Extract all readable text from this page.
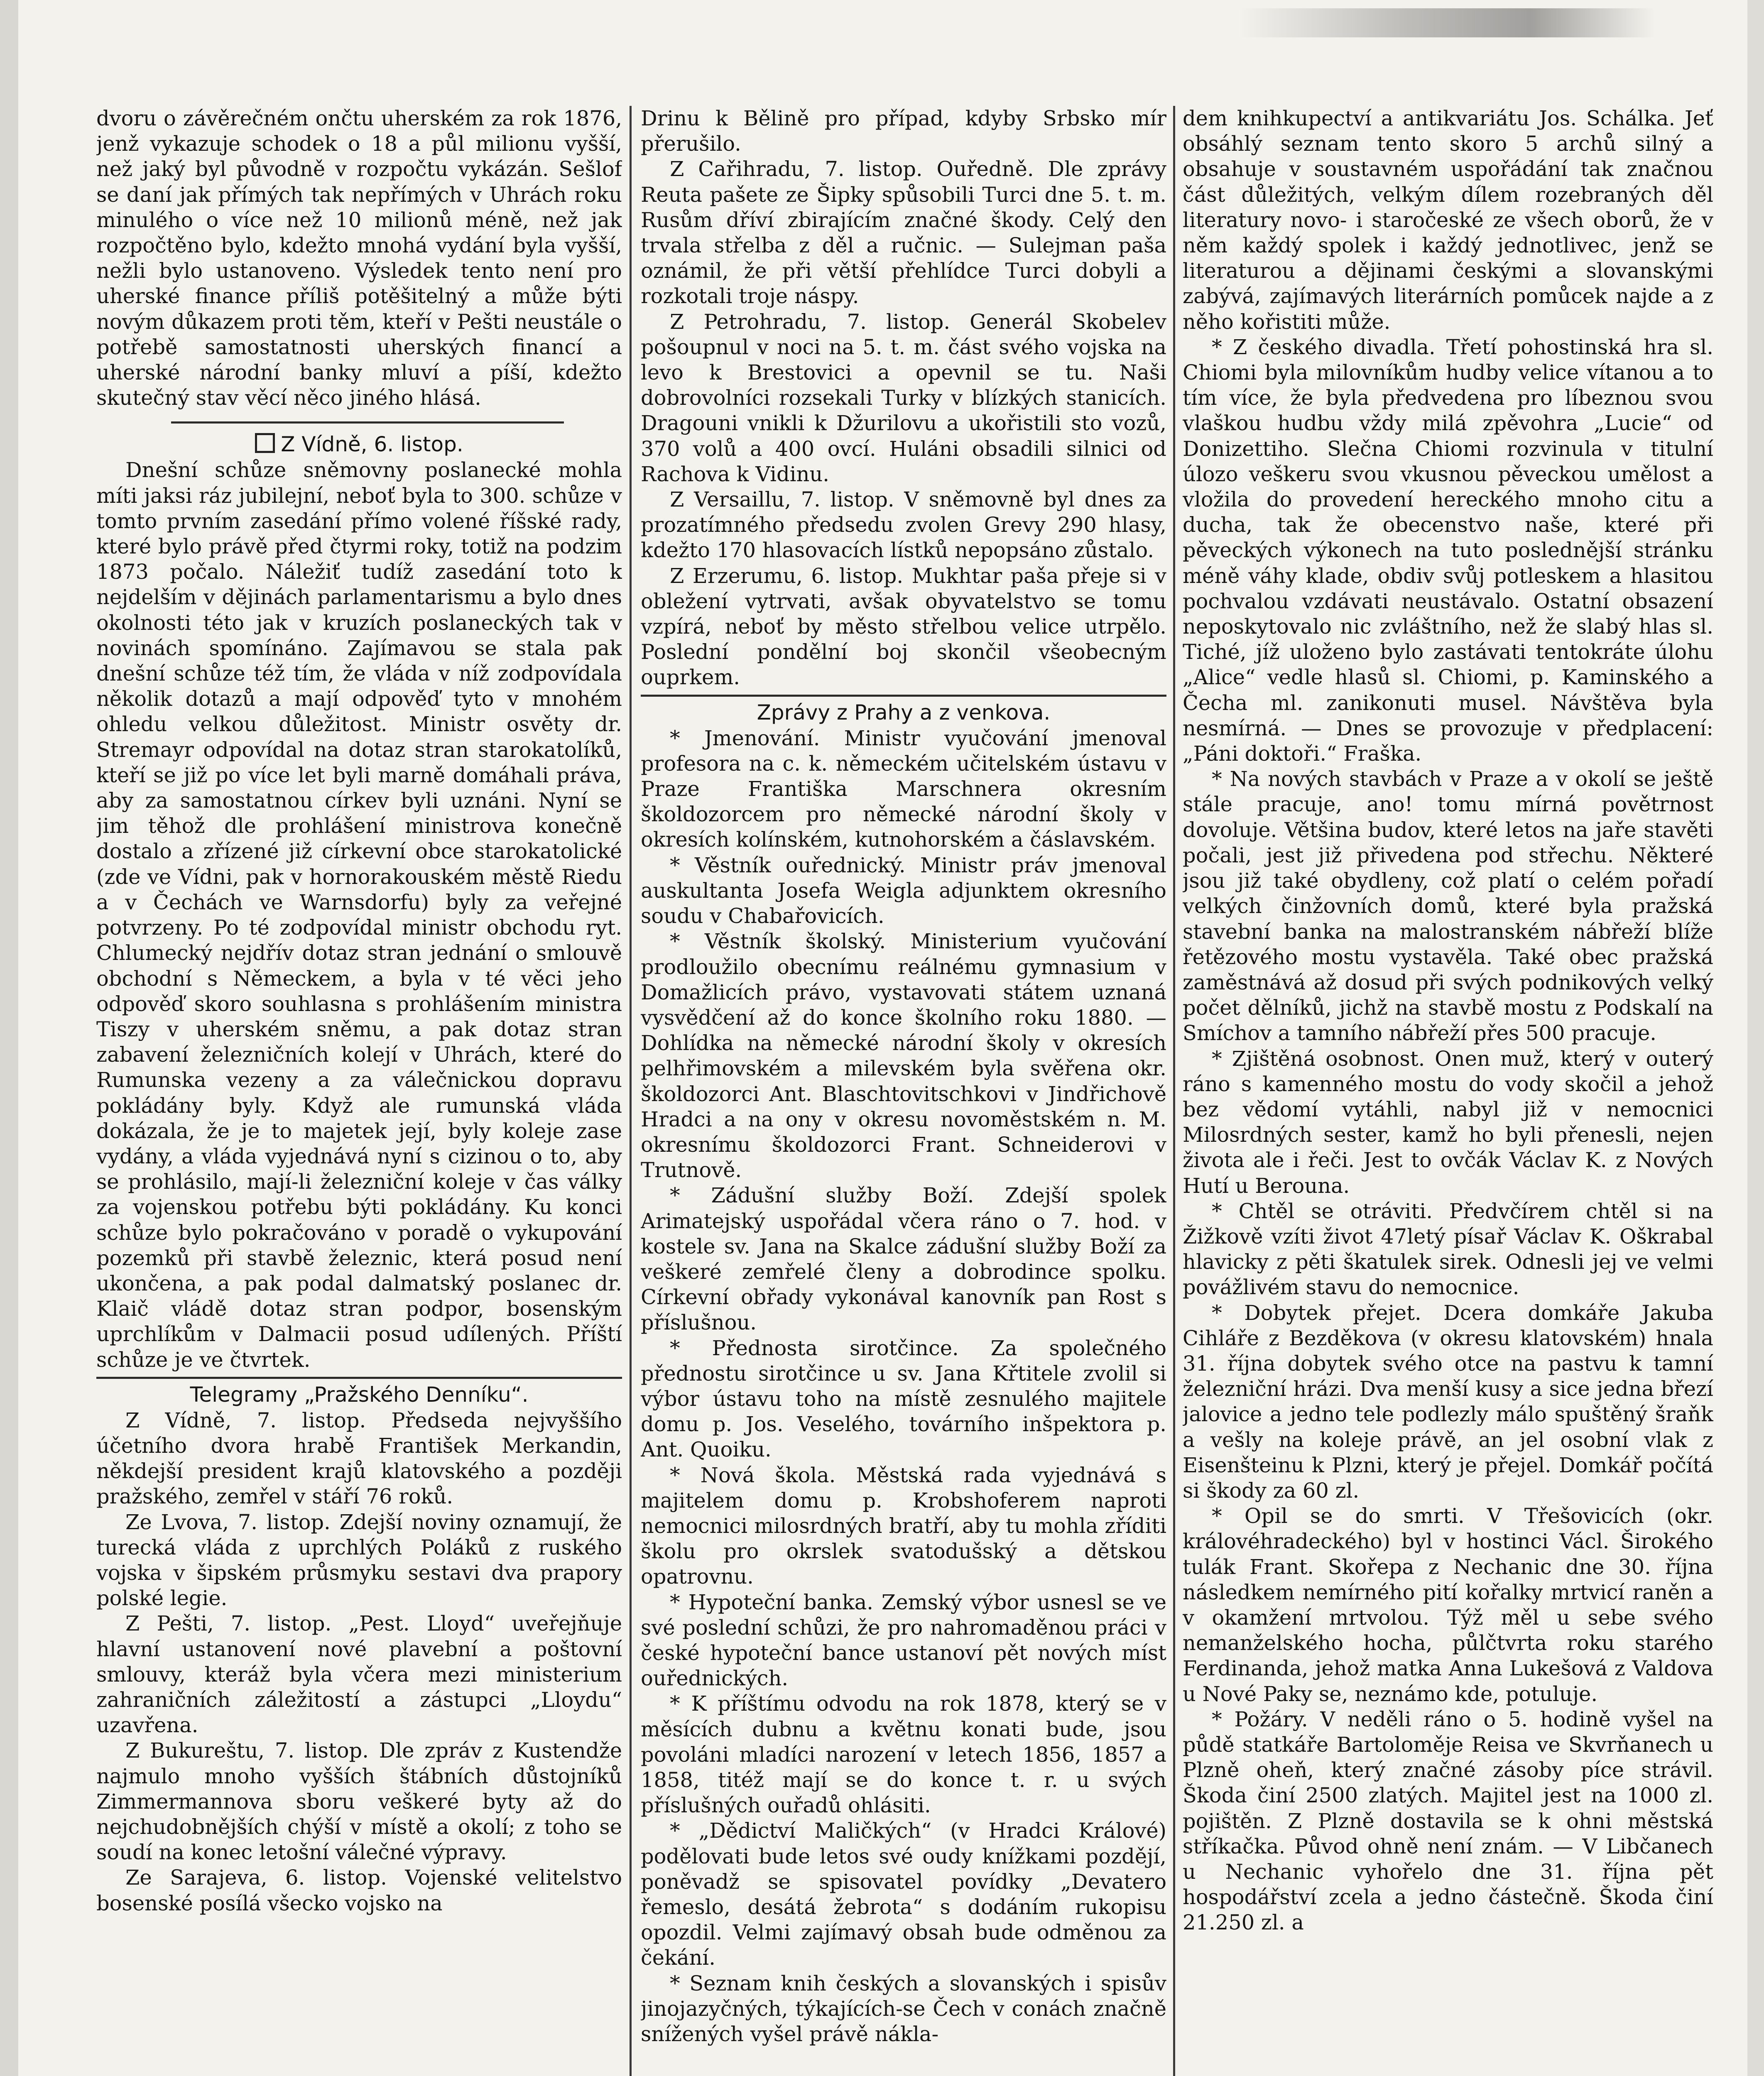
dvoru o závěrečném ončtu uherském za rok 1876, jenž vykazuje schodek o 18 a půl milionu vyšší, než jaký byl původně v rozpočtu vykázán. Sešlof se daní jak přímých tak nepřímých v Uhrách roku minulého o více než 10 milionů méně, než jak rozpočtěno bylo, kdežto mnohá vydání byla vyšší, nežli bylo ustanoveno. Výsledek tento není pro uherské finance příliš potěšitelný a může býti novým důkazem proti těm, kteří v Pešti neustále o potřebě samostatnosti uherských financí a uherské národní banky mluví a píší, kdežto skutečný stav věcí něco jiného hlásá.

Z Vídně, 6. listop.

Dnešní schůze sněmovny poslanecké mohla míti jaksi ráz jubilejní, neboť byla to 300. schůze v tomto prvním zasedání přímo volené říšské rady, které bylo právě před čtyrmi roky, totiž na podzim 1873 počalo. Náležiť tudíž zasedání toto k nejdelším v dějinách parlamentarismu a bylo dnes okolnosti této jak v kruzích poslaneckých tak v novinách spomínáno. Zajímavou se stala pak dnešní schůze též tím, že vláda v níž zodpovídala několik dotazů a mají odpověď tyto v mnohém ohledu velkou důležitost. Ministr osvěty dr. Stremayr odpovídal na dotaz stran starokatolíků, kteří se již po více let byli marně domáhali práva, aby za samostatnou církev byli uznáni. Nyní se jim těhož dle prohlášení ministrova konečně dostalo a zřízené již církevní obce starokatolické (zde ve Vídni, pak v hornorakouském městě Riedu a v Čechách ve Warnsdorfu) byly za veřejné potvrzeny. Po té zodpovídal ministr obchodu ryt. Chlumecký nejdřív dotaz stran jednání o smlouvě obchodní s Německem, a byla v té věci jeho odpověď skoro souhlasna s prohlášením ministra Tiszy v uherském sněmu, a pak dotaz stran zabavení železničních kolejí v Uhrách, které do Rumunska vezeny a za válečnickou dopravu pokládány byly. Když ale rumunská vláda dokázala, že je to majetek její, byly koleje zase vydány, a vláda vyjednává nyní s cizinou o to, aby se prohlásilo, mají-li železniční koleje v čas války za vojenskou potřebu býti pokládány. Ku konci schůze bylo pokračováno v poradě o vykupování pozemků při stavbě železnic, která posud není ukončena, a pak podal dalmatský poslanec dr. Klaič vládě dotaz stran podpor, bosenským uprchlíkům v Dalmacii posud udílených. Příští schůze je ve čtvrtek.

Telegramy „Pražského Denníku“.

Z Vídně, 7. listop. Předseda nejvyššího účetního dvora hrabě František Merkandin, někdejší president krajů klatovského a později pražského, zemřel v stáří 76 roků.

Ze Lvova, 7. listop. Zdejší noviny oznamují, že turecká vláda z uprchlých Poláků z ruského vojska v šipském průsmyku sestavi dva prapory polské legie.

Z Pešti, 7. listop. „Pest. Lloyd“ uveřejňuje hlavní ustanovení nové plavební a poštovní smlouvy, kteráž byla včera mezi ministerium zahraničních záležitostí a zástupci „Lloydu“ uzavřena.

Z Bukureštu, 7. listop. Dle zpráv z Kustendže najmulo mnoho vyšších štábních důstojníků Zimmermannova sboru veškeré byty až do nejchudobnějších chýší v místě a okolí; z toho se soudí na konec letošní válečné výpravy.

Ze Sarajeva, 6. listop. Vojenské velitelstvo bosenské posílá všecko vojsko na

Drinu k Bělině pro případ, kdyby Srbsko mír přerušilo.

Z Cařihradu, 7. listop. Ouředně. Dle zprávy Reuta pašete ze Šipky spůsobili Turci dne 5. t. m. Rusům dříví zbirajícím značné škody. Celý den trvala střelba z děl a ručnic. — Sulejman paša oznámil, že při větší přehlídce Turci dobyli a rozkotali troje náspy.

Z Petrohradu, 7. listop. Generál Skobelev pošoupnul v noci na 5. t. m. část svého vojska na levo k Brestovici a opevnil se tu. Naši dobrovolníci rozsekali Turky v blízkých stanicích. Dragouni vnikli k Džurilovu a ukořistili sto vozů, 370 volů a 400 ovcí. Huláni obsadili silnici od Rachova k Vidinu.

Z Versaillu, 7. listop. V sněmovně byl dnes za prozatímného předsedu zvolen Grevy 290 hlasy, kdežto 170 hlasovacích lístků nepopsáno zůstalo.

Z Erzerumu, 6. listop. Mukhtar paša přeje si v obležení vytrvati, avšak obyvatelstvo se tomu vzpírá, neboť by město střelbou velice utrpělo. Poslední pondělní boj skončil všeobecným ouprkem.

Zprávy z Prahy a z venkova.

* Jmenování. Ministr vyučování jmenoval profesora na c. k. německém učitelském ústavu v Praze Františka Marschnera okresním školdozorcem pro německé národní školy v okresích kolínském, kutnohorském a čáslavském.

* Věstník ouřednický. Ministr práv jmenoval auskultanta Josefa Weigla adjunktem okresního soudu v Chabařovicích.

* Věstník školský. Ministerium vyučování prodloužilo obecnímu reálnému gymnasium v Domažlicích právo, vystavovati státem uznaná vysvědčení až do konce školního roku 1880. — Dohlídka na německé národní školy v okresích pelhřimovském a milevském byla svěřena okr. školdozorci Ant. Blaschtovitschkovi v Jindřichově Hradci a na ony v okresu novoměstském n. M. okresnímu školdozorci Frant. Schneiderovi v Trutnově.

* Zádušní služby Boží. Zdejší spolek Arimatejský uspořádal včera ráno o 7. hod. v kostele sv. Jana na Skalce zádušní služby Boží za veškeré zemřelé členy a dobrodince spolku. Církevní obřady vykonával kanovník pan Rost s příslušnou.

* Přednosta sirotčince. Za společného přednostu sirotčince u sv. Jana Křtitele zvolil si výbor ústavu toho na místě zesnulého majitele domu p. Jos. Veselého, továrního inšpektora p. Ant. Quoiku.

* Nová škola. Městská rada vyjednává s majitelem domu p. Krobshoferem naproti nemocnici milosrdných bratří, aby tu mohla zříditi školu pro okrslek svatodušský a dětskou opatrovnu.

* Hypoteční banka. Zemský výbor usnesl se ve své poslední schůzi, že pro nahromaděnou práci v české hypoteční bance ustanoví pět nových míst ouřednických.

* K příštímu odvodu na rok 1878, který se v měsících dubnu a květnu konati bude, jsou povoláni mladíci narození v letech 1856, 1857 a 1858, titéž mají se do konce t. r. u svých příslušných ouřadů ohlásiti.

* „Dědictví Maličkých“ (v Hradci Králové) podělovati bude letos své oudy knížkami pozdějí, poněvadž se spisovatel povídky „Devatero řemeslo, desátá žebrota“ s dodáním rukopisu opozdil. Velmi zajímavý obsah bude odměnou za čekání.

* Seznam knih českých a slovanských i spisův jinojazyčných, týkajících-se Čech v conách značně snížených vyšel právě nákla-

dem knihkupectví a antikvariátu Jos. Schálka. Jeť obsáhlý seznam tento skoro 5 archů silný a obsahuje v soustavném uspořádání tak značnou část důležitých, velkým dílem rozebraných děl literatury novo- i staročeské ze všech oborů, že v něm každý spolek i každý jednotlivec, jenž se literaturou a dějinami českými a slovanskými zabývá, zajímavých literárních pomůcek najde a z něho kořistiti může.

* Z českého divadla. Třetí pohostinská hra sl. Chiomi byla milovníkům hudby velice vítanou a to tím více, že byla předvedena pro líbeznou svou vlaškou hudbu vždy milá zpěvohra „Lucie“ od Donizettiho. Slečna Chiomi rozvinula v titulní úlozo veškeru svou vkusnou pěveckou umělost a vložila do provedení hereckého mnoho citu a ducha, tak že obecenstvo naše, které při pěveckých výkonech na tuto poslednější stránku méně váhy klade, obdiv svůj potleskem a hlasitou pochvalou vzdávati neustávalo. Ostatní obsazení neposkytovalo nic zvláštního, než že slabý hlas sl. Tiché, jíž uloženo bylo zastávati tentokráte úlohu „Alice“ vedle hlasů sl. Chiomi, p. Kaminského a Čecha ml. zanikonuti musel. Návštěva byla nesmírná. — Dnes se provozuje v předplacení: „Páni doktoři.“ Fraška.

* Na nových stavbách v Praze a v okolí se ještě stále pracuje, ano! tomu mírná povětrnost dovoluje. Většina budov, které letos na jaře stavěti počali, jest již přivedena pod střechu. Některé jsou již také obydleny, což platí o celém pořadí velkých činžovních domů, které byla pražská stavební banka na malostranském nábřeží blíže řetězového mostu vystavěla. Také obec pražská zaměstnává až dosud při svých podnikových velký počet dělníků, jichž na stavbě mostu z Podskalí na Smíchov a tamního nábřeží přes 500 pracuje.

* Zjištěná osobnost. Onen muž, který v outerý ráno s kamenného mostu do vody skočil a jehož bez vědomí vytáhli, nabyl již v nemocnici Milosrdných sester, kamž ho byli přenesli, nejen života ale i řeči. Jest to ovčák Václav K. z Nových Hutí u Berouna.

* Chtěl se otráviti. Předvčírem chtěl si na Žižkově vzíti život 47letý písař Václav K. Oškrabal hlavicky z pěti škatulek sirek. Odnesli jej ve velmi povážlivém stavu do nemocnice.

* Dobytek přejet. Dcera domkáře Jakuba Cihláře z Bezděkova (v okresu klatovském) hnala 31. října dobytek svého otce na pastvu k tamní železniční hrázi. Dva menší kusy a sice jedna březí jalovice a jedno tele podlezly málo spuštěný šraňk a vešly na koleje právě, an jel osobní vlak z Eisenšteinu k Plzni, který je přejel. Domkář počítá si škody za 60 zl.

* Opil se do smrti. V Třešovicích (okr. královéhradeckého) byl v hostinci Václ. Širokého tulák Frant. Skořepa z Nechanic dne 30. října následkem nemírného pití kořalky mrtvicí raněn a v okamžení mrtvolou. Týž měl u sebe svého nemanželského hocha, půlčtvrta roku starého Ferdinanda, jehož matka Anna Lukešová z Valdova u Nové Paky se, neznámo kde, potuluje.

* Požáry. V neděli ráno o 5. hodině vyšel na půdě statkáře Bartoloměje Reisa ve Skvrňanech u Plzně oheň, který značné zásoby píce strávil. Škoda činí 2500 zlatých. Majitel jest na 1000 zl. pojištěn. Z Plzně dostavila se k ohni městská stříkačka. Původ ohně není znám. — V Libčanech u Nechanic vyhořelo dne 31. října pět hospodářství zcela a jedno částečně. Škoda činí 21.250 zl. a
